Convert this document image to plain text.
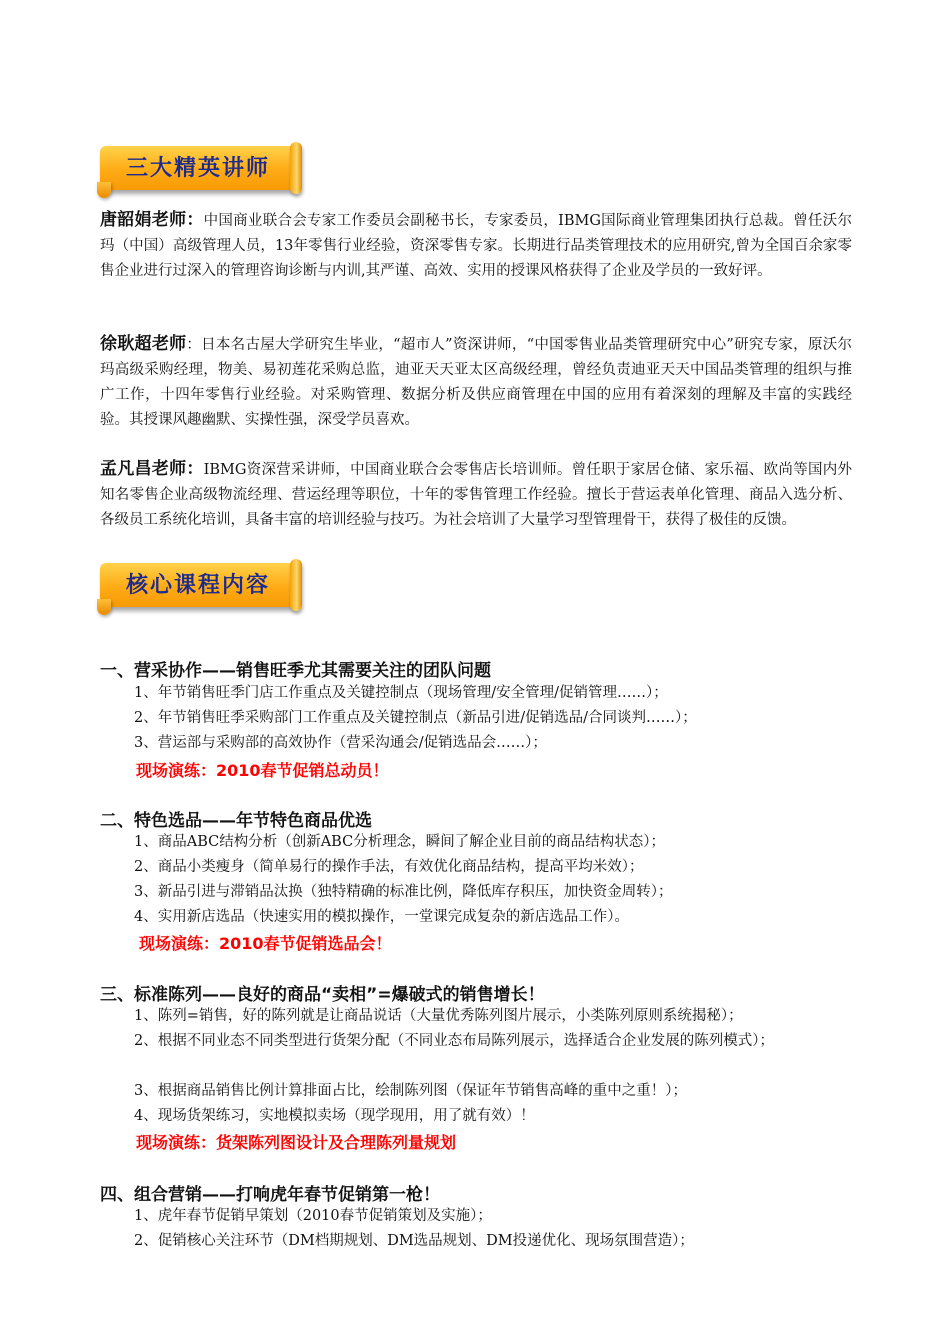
三大精英讲师
唐韶娟老师：中国商业联合会专家工作委员会副秘书长，专家委员，IBMG国际商业管理集团执行总裁。曾任沃尔玛（中国）高级管理人员，13年零售行业经验，资深零售专家。长期进行品类管理技术的应用研究,曾为全国百余家零售企业进行过深入的管理咨询诊断与内训,其严谨、高效、实用的授课风格获得了企业及学员的一致好评。
徐耿超老师：日本名古屋大学研究生毕业，“超市人”资深讲师，“中国零售业品类管理研究中心”研究专家，原沃尔玛高级采购经理，物美、易初莲花采购总监，迪亚天天亚太区高级经理，曾经负责迪亚天天中国品类管理的组织与推广工作，十四年零售行业经验。对采购管理、数据分析及供应商管理在中国的应用有着深刻的理解及丰富的实践经验。其授课风趣幽默、实操性强，深受学员喜欢。
孟凡昌老师：IBMG资深营采讲师，中国商业联合会零售店长培训师。曾任职于家居仓储、家乐福、欧尚等国内外知名零售企业高级物流经理、营运经理等职位，十年的零售管理工作经验。擅长于营运表单化管理、商品入选分析、各级员工系统化培训，具备丰富的培训经验与技巧。为社会培训了大量学习型管理骨干，获得了极佳的反馈。
核心课程内容
一、营采协作——销售旺季尤其需要关注的团队问题
1、年节销售旺季门店工作重点及关键控制点（现场管理/安全管理/促销管理……）；
2、年节销售旺季采购部门工作重点及关键控制点（新品引进/促销选品/合同谈判……）；
3、营运部与采购部的高效协作（营采沟通会/促销选品会……）；
现场演练：2010春节促销总动员！
二、特色选品——年节特色商品优选
1、商品ABC结构分析（创新ABC分析理念，瞬间了解企业目前的商品结构状态）；
2、商品小类瘦身（简单易行的操作手法，有效优化商品结构，提高平均米效）；
3、新品引进与滞销品汰换（独特精确的标准比例，降低库存积压，加快资金周转）；
4、实用新店选品（快速实用的模拟操作，一堂课完成复杂的新店选品工作）。
现场演练：2010春节促销选品会！
三、标准陈列——良好的商品“卖相”=爆破式的销售增长！
1、陈列=销售，好的陈列就是让商品说话（大量优秀陈列图片展示，小类陈列原则系统揭秘）；
2、根据不同业态不同类型进行货架分配（不同业态布局陈列展示，选择适合企业发展的陈列模式）；
3、根据商品销售比例计算排面占比，绘制陈列图（保证年节销售高峰的重中之重！）；
4、现场货架练习，实地模拟卖场（现学现用，用了就有效）！
现场演练：货架陈列图设计及合理陈列量规划
四、组合营销——打响虎年春节促销第一枪！
1、虎年春节促销早策划（2010春节促销策划及实施）；
2、促销核心关注环节（DM档期规划、DM选品规划、DM投递优化、现场氛围营造）；
